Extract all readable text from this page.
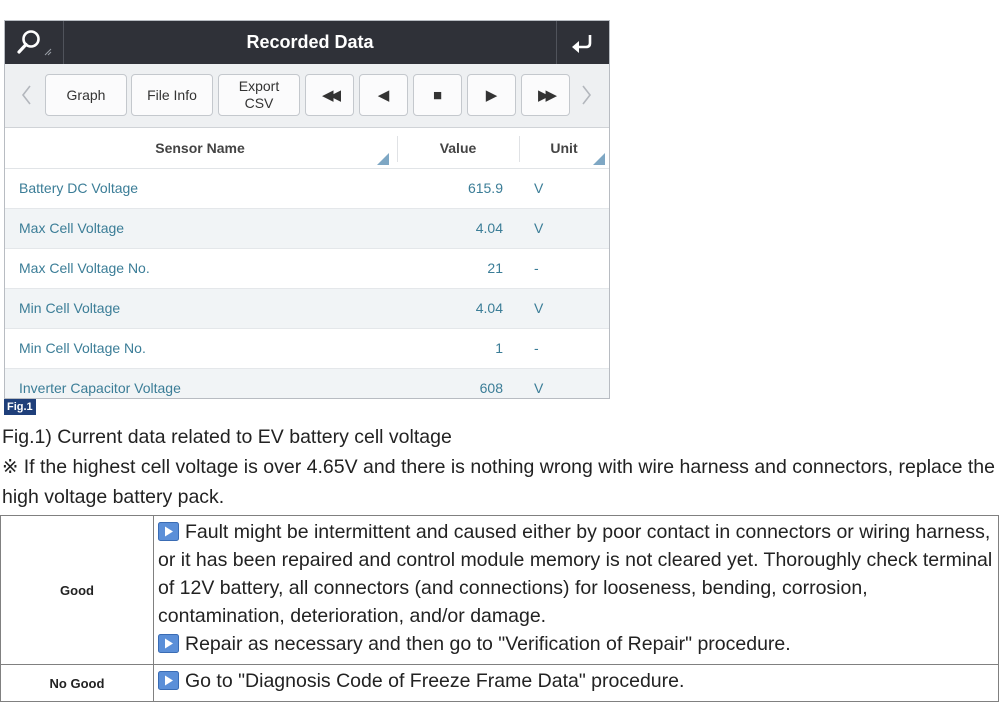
Recorded Data
Graph	File Info
Export
CSV	◀◀	◀	■	▶	▶▶
Sensor Name	Value	Unit
Battery DC Voltage	615.9 V
Max Cell Voltage	4.04 V
Max Cell Voltage No.	21 -
Min Cell Voltage	4.04 V
Min Cell Voltage No.	1 -
Inverter Capacitor Voltage	608 V
Fig.1
Fig.1) Current data related to EV battery cell voltage
※ If the highest cell voltage is over 4.65V and there is nothing wrong with wire harness and connectors, replace the high voltage battery pack.
Good	Fault might be intermittent and caused either by poor contact in connectors or wiring harness, or it has been repaired and control module memory is not cleared yet. Thoroughly check terminal of 12V battery, all connectors (and connections) for looseness, bending, corrosion, contamination, deterioration, and/or damage.
Repair as necessary and then go to "Verification of Repair" procedure.

No Good	Go to "Diagnosis Code of Freeze Frame Data" procedure.
